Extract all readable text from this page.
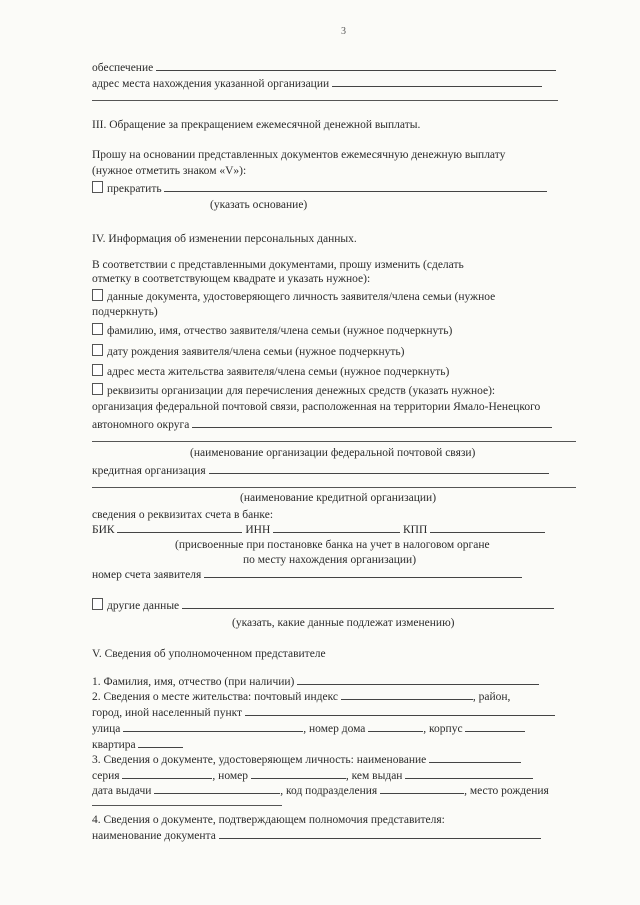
3
обеспечение
адрес места нахождения указанной организации
III. Обращение за прекращением ежемесячной денежной выплаты.
Прошу на основании представленных документов ежемесячную денежную выплату
(нужное отметить знаком «V»):
прекратить
(указать основание)
IV. Информация об изменении персональных данных.
В соответствии с представленными документами, прошу изменить (сделать
отметку в соответствующем квадрате и указать нужное):
данные документа, удостоверяющего личность заявителя/члена семьи (нужное
подчеркнуть)
фамилию, имя, отчество заявителя/члена семьи (нужное подчеркнуть)
дату рождения заявителя/члена семьи (нужное подчеркнуть)
адрес места жительства заявителя/члена семьи (нужное подчеркнуть)
реквизиты организации для перечисления денежных средств (указать нужное):
организация федеральной почтовой связи, расположенная на территории Ямало-Ненецкого
автономного округа
(наименование организации федеральной почтовой связи)
кредитная организация
(наименование кредитной организации)
сведения о реквизитах счета в банке:
БИК	ИНН	КПП
(присвоенные при постановке банка на учет в налоговом органе
по месту нахождения организации)
номер счета заявителя
другие данные
(указать, какие данные подлежат изменению)
V. Сведения об уполномоченном представителе
1. Фамилия, имя, отчество (при наличии)
2. Сведения о месте жительства: почтовый индекс	, район,
город, иной населенный пункт
улица	, номер дома	, корпус
квартира
3. Сведения о документе, удостоверяющем личность: наименование
серия	, номер	, кем выдан
дата выдачи	, код подразделения	, место рождения
4. Сведения о документе, подтверждающем полномочия представителя:
наименование документа
